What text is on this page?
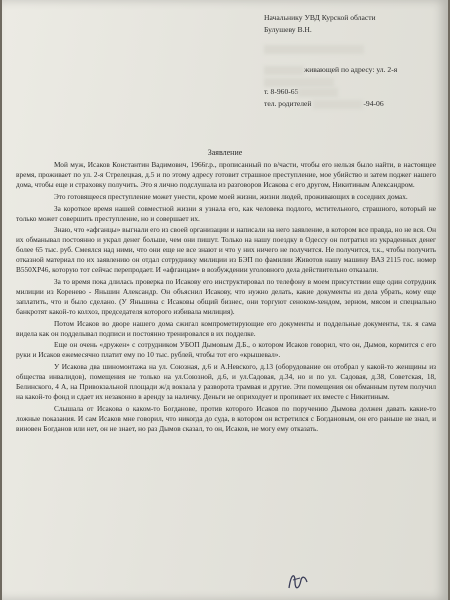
Начальнику УВД Курской области
Булушеву В.Н.
живающей по адресу: ул. 2-я
т. 8-960-65
тел. родителей	-94-06
Заявление

Мой муж, Исаков Константин Вадимович, 1966г.р., прописанный по в/части, чтобы его нельзя было найти, в настоящее время, проживает по ул. 2-я Стрелецкая, д.5 и по этому адресу готовит страшное преступление, мое убийство и затем поджег нашего дома, чтобы еще и страховку получить. Это я лично подслушала из разговоров Исакова с его другом, Никитиным Александром.

Это готовящееся преступление может унести, кроме моей жизни, жизни людей, проживающих в соседних домах.

За короткое время нашей совместной жизни я узнала его, как человека подлого, мстительного, страшного, который не только может совершить преступление, но и совершает их.

Знаю, что «афганцы» выгнали его из своей организации и написали на него заявление, в котором все правда, но не вся. Он их обманывал постоянно и украл денег больше, чем они пишут. Только на нашу поездку в Одессу он потратил из украденных денег более 65 тыс. руб. Смеялся над ними, что они еще не все знают и что у них ничего не получится. Не получится, т.к., чтобы получить отказной материал по их заявлению он отдал сотруднику милиции из БЭП по фамилии Животов нашу машину ВАЗ 2115 гос. номер В550ХР46, которую тот сейчас перепродает. И «афганцам» в возбуждении уголовного дела действительно отказали.

За то время пока длилась проверка по Исакову его инструктировал по телефону в моем присутствии еще один сотрудник милиции из Коренево - Яньшин Александр. Он объяснил Исакову, что нужно делать, какие документы из дела убрать, кому еще заплатить, что и было сделано. (У Яньшина с Исаковы общий бизнес, они торгуют сеноком-хендом, зерном, мясом и специально банкротят какой-то колхоз, председателя которого избивала милиция).

Потом Исаков во дворе нашего дома сжигал компрометирующие его документы и поддельные документы, т.к. я сама видела как он подделывал подписи и постоянно тренировался в их подделке.

Еще он очень «дружен» с сотрудником УБОП Дымовым Д.Б., о котором Исаков говорил, что он, Дымов, кормится с его руки и Исаков ежемесячно платит ему по 10 тыс. рублей, чтобы тот его «крышевал».

У Исакова два шиномонтажа на ул. Союзная, д.6 и А.Невского, д.13 (оборудование он отобрал у какой-то женщины из общества инвалидов), помещения не только на ул.Союзной, д.6, и ул.Садовая, д.34, но и по ул. Садовая, д.38, Советская, 18, Белинского, 4 А, на Привокзальной площади ж/д вокзала у разворота трамвая и другие. Эти помещения он обманным путем получил на какой-то фонд и сдает их незаконно в аренду за наличку. Деньги не оприходует и пропивает их вместе с Никитиным.

Слышала от Исакова о каком-то Богданове, против которого Исаков по поручению Дымова должен давать какие-то ложные показания. И сам Исаков мне говорил, что никогда до суда, в котором он встретился с Богдановым, он его раньше не знал, и виновен Богданов или нет, он не знает, но раз Дымов сказал, то он, Исаков, не могу ему отказать.
